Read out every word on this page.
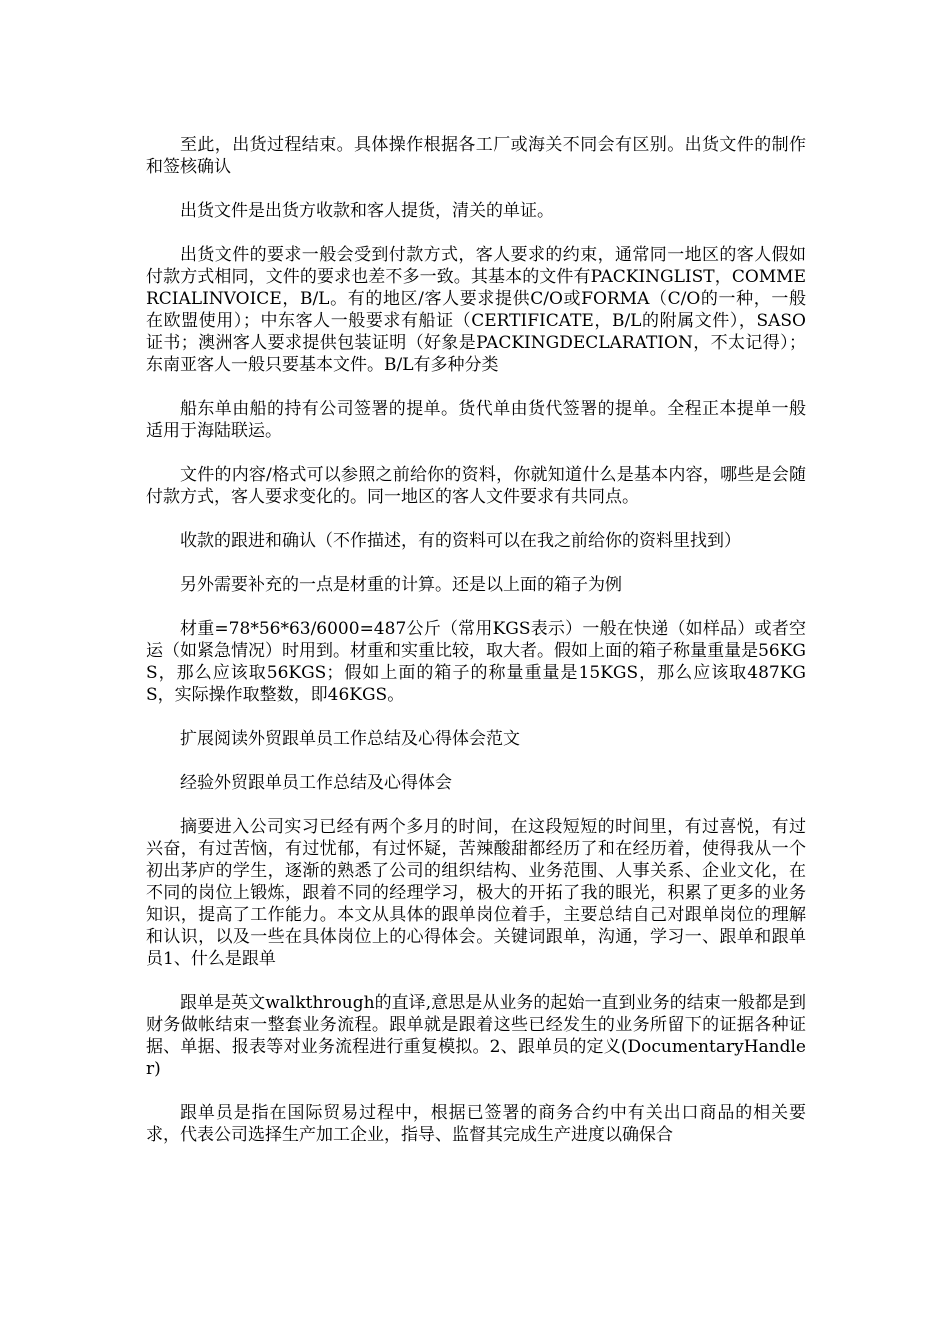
至此，出货过程结束。具体操作根据各工厂或海关不同会有区别。出货文件的制作和签核确认

出货文件是出货方收款和客人提货，清关的单证。

出货文件的要求一般会受到付款方式，客人要求的约束，通常同一地区的客人假如付款方式相同，文件的要求也差不多一致。其基本的文件有PACKINGLIST，COMMERCIALINVOICE，B/L。有的地区/客人要求提供C/O或FORMA（C/O的一种，一般在欧盟使用）；中东客人一般要求有船证（CERTIFICATE，B/L的附属文件），SASO证书；澳洲客人要求提供包装证明（好象是PACKINGDECLARATION，不太记得）；东南亚客人一般只要基本文件。B/L有多种分类

船东单由船的持有公司签署的提单。货代单由货代签署的提单。全程正本提单一般适用于海陆联运。

文件的内容/格式可以参照之前给你的资料，你就知道什么是基本内容，哪些是会随付款方式，客人要求变化的。同一地区的客人文件要求有共同点。

收款的跟进和确认（不作描述，有的资料可以在我之前给你的资料里找到）

另外需要补充的一点是材重的计算。还是以上面的箱子为例

材重=78*56*63/6000=487公斤（常用KGS表示）一般在快递（如样品）或者空运（如紧急情况）时用到。材重和实重比较，取大者。假如上面的箱子称量重量是56KGS，那么应该取56KGS；假如上面的箱子的称量重量是15KGS，那么应该取487KGS，实际操作取整数，即46KGS。

扩展阅读外贸跟单员工作总结及心得体会范文

经验外贸跟单员工作总结及心得体会

摘要进入公司实习已经有两个多月的时间，在这段短短的时间里，有过喜悦，有过兴奋，有过苦恼，有过忧郁，有过怀疑，苦辣酸甜都经历了和在经历着，使得我从一个初出茅庐的学生，逐渐的熟悉了公司的组织结构、业务范围、人事关系、企业文化，在不同的岗位上锻炼，跟着不同的经理学习，极大的开拓了我的眼光，积累了更多的业务知识，提高了工作能力。本文从具体的跟单岗位着手，主要总结自己对跟单岗位的理解和认识，以及一些在具体岗位上的心得体会。关键词跟单，沟通，学习一、跟单和跟单员1、什么是跟单

跟单是英文walkthrough的直译,意思是从业务的起始一直到业务的结束一般都是到财务做帐结束一整套业务流程。跟单就是跟着这些已经发生的业务所留下的证据各种证据、单据、报表等对业务流程进行重复模拟。2、跟单员的定义(DocumentaryHandler)

跟单员是指在国际贸易过程中，根据已签署的商务合约中有关出口商品的相关要求，代表公司选择生产加工企业，指导、监督其完成生产进度以确保合
